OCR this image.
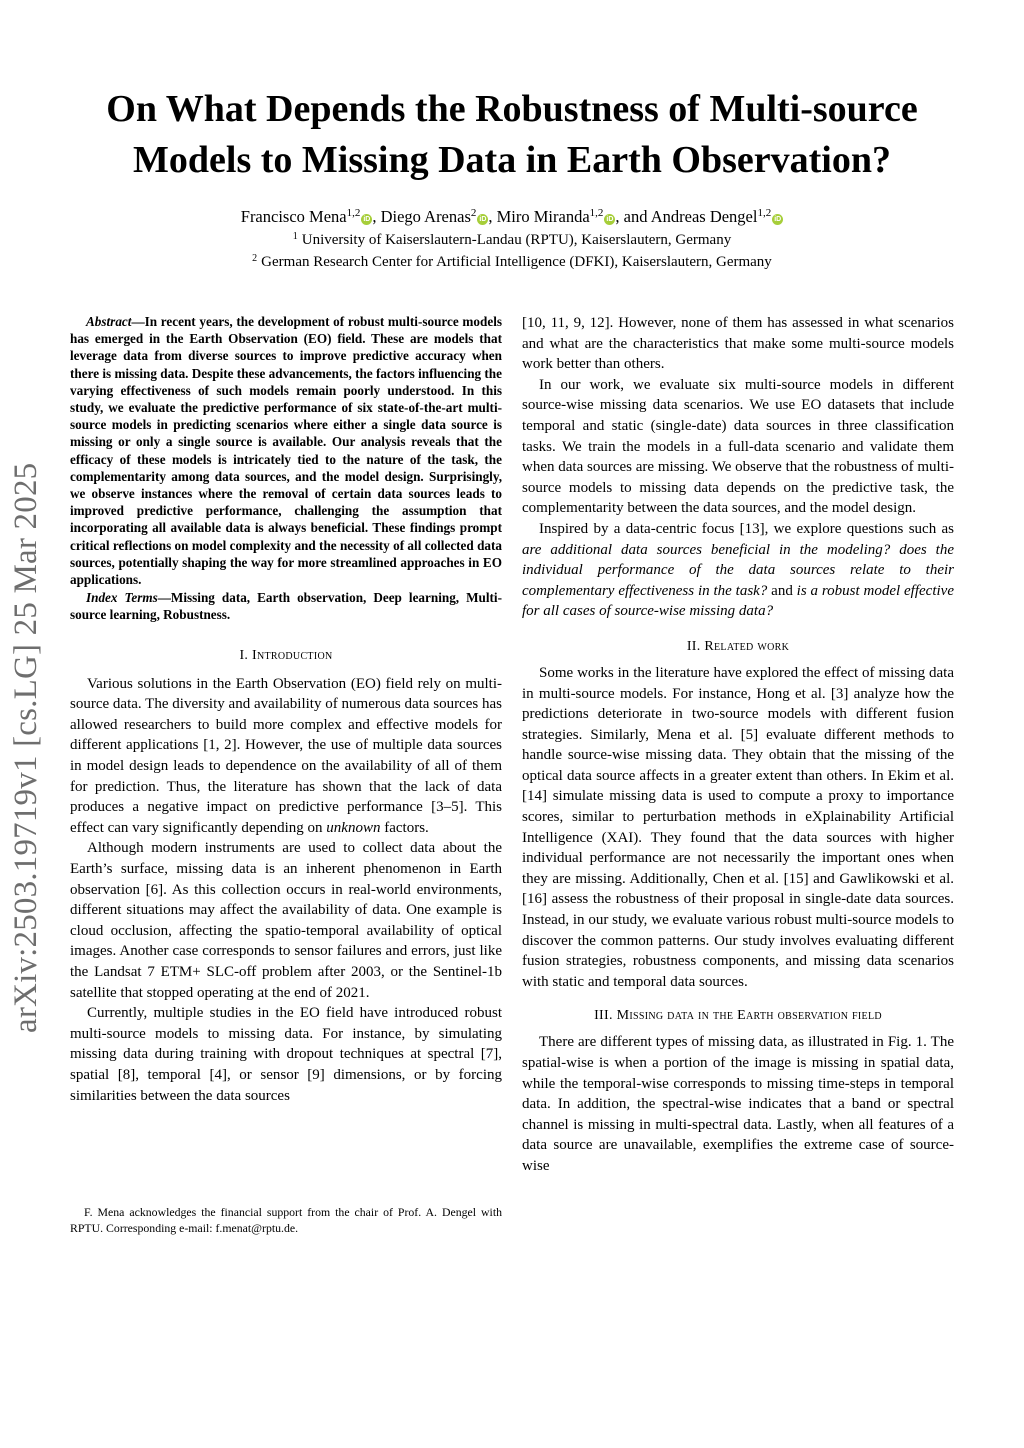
arXiv:2503.19719v1 [cs.LG] 25 Mar 2025
On What Depends the Robustness of Multi-source
Models to Missing Data in Earth Observation?
Francisco Mena$^{1,2}$iD , Diego Arenas$^2$iD , Miro Miranda$^{1,2}$iD , and Andreas Dengel$^{1,2}$iD
$^1$ University of Kaiserslautern-Landau (RPTU), Kaiserslautern, Germany
$^2$ German Research Center for Artificial Intelligence (DFKI), Kaiserslautern, Germany

Abstract—In recent years, the development of robust multi-source models has emerged in the Earth Observation (EO) field. These are models that leverage data from diverse sources to improve predictive accuracy when there is missing data. Despite these advancements, the factors influencing the varying effectiveness of such models remain poorly understood. In this study, we evaluate the predictive performance of six state-of-the-art multi-source models in predicting scenarios where either a single data source is missing or only a single source is available. Our analysis reveals that the efficacy of these models is intricately tied to the nature of the task, the complementarity among data sources, and the model design. Surprisingly, we observe instances where the removal of certain data sources leads to improved predictive performance, challenging the assumption that incorporating all available data is always beneficial. These findings prompt critical reflections on model complexity and the necessity of all collected data sources, potentially shaping the way for more streamlined approaches in EO applications.

Index Terms—Missing data, Earth observation, Deep learning, Multi-source learning, Robustness.

I. Introduction

Various solutions in the Earth Observation (EO) field rely on multi-source data. The diversity and availability of numerous data sources has allowed researchers to build more complex and effective models for different applications [1, 2]. However, the use of multiple data sources in model design leads to dependence on the availability of all of them for prediction. Thus, the literature has shown that the lack of data produces a negative impact on predictive performance [3–5]. This effect can vary significantly depending on unknown factors.

Although modern instruments are used to collect data about the Earth’s surface, missing data is an inherent phenomenon in Earth observation [6]. As this collection occurs in real-world environments, different situations may affect the availability of data. One example is cloud occlusion, affecting the spatio-temporal availability of optical images. Another case corresponds to sensor failures and errors, just like the Landsat 7 ETM+ SLC-off problem after 2003, or the Sentinel-1b satellite that stopped operating at the end of 2021.

Currently, multiple studies in the EO field have introduced robust multi-source models to missing data. For instance, by simulating missing data during training with dropout techniques at spectral [7], spatial [8], temporal [4], or sensor [9] dimensions, or by forcing similarities between the data sources

F. Mena acknowledges the financial support from the chair of Prof. A. Dengel with RPTU. Corresponding e-mail: f.menat@rptu.de.

[10, 11, 9, 12]. However, none of them has assessed in what scenarios and what are the characteristics that make some multi-source models work better than others.

In our work, we evaluate six multi-source models in different source-wise missing data scenarios. We use EO datasets that include temporal and static (single-date) data sources in three classification tasks. We train the models in a full-data scenario and validate them when data sources are missing. We observe that the robustness of multi-source models to missing data depends on the predictive task, the complementarity between the data sources, and the model design.

Inspired by a data-centric focus [13], we explore questions such as are additional data sources beneficial in the modeling? does the individual performance of the data sources relate to their complementary effectiveness in the task? and is a robust model effective for all cases of source-wise missing data?

II. Related work

Some works in the literature have explored the effect of missing data in multi-source models. For instance, Hong et al. [3] analyze how the predictions deteriorate in two-source models with different fusion strategies. Similarly, Mena et al. [5] evaluate different methods to handle source-wise missing data. They obtain that the missing of the optical data source affects in a greater extent than others. In Ekim et al. [14] simulate missing data is used to compute a proxy to importance scores, similar to perturbation methods in eXplainability Artificial Intelligence (XAI). They found that the data sources with higher individual performance are not necessarily the important ones when they are missing. Additionally, Chen et al. [15] and Gawlikowski et al. [16] assess the robustness of their proposal in single-date data sources. Instead, in our study, we evaluate various robust multi-source models to discover the common patterns. Our study involves evaluating different fusion strategies, robustness components, and missing data scenarios with static and temporal data sources.

III. Missing data in the Earth observation field

There are different types of missing data, as illustrated in Fig. 1. The spatial-wise is when a portion of the image is missing in spatial data, while the temporal-wise corresponds to missing time-steps in temporal data. In addition, the spectral-wise indicates that a band or spectral channel is missing in multi-spectral data. Lastly, when all features of a data source are unavailable, exemplifies the extreme case of source-wise
